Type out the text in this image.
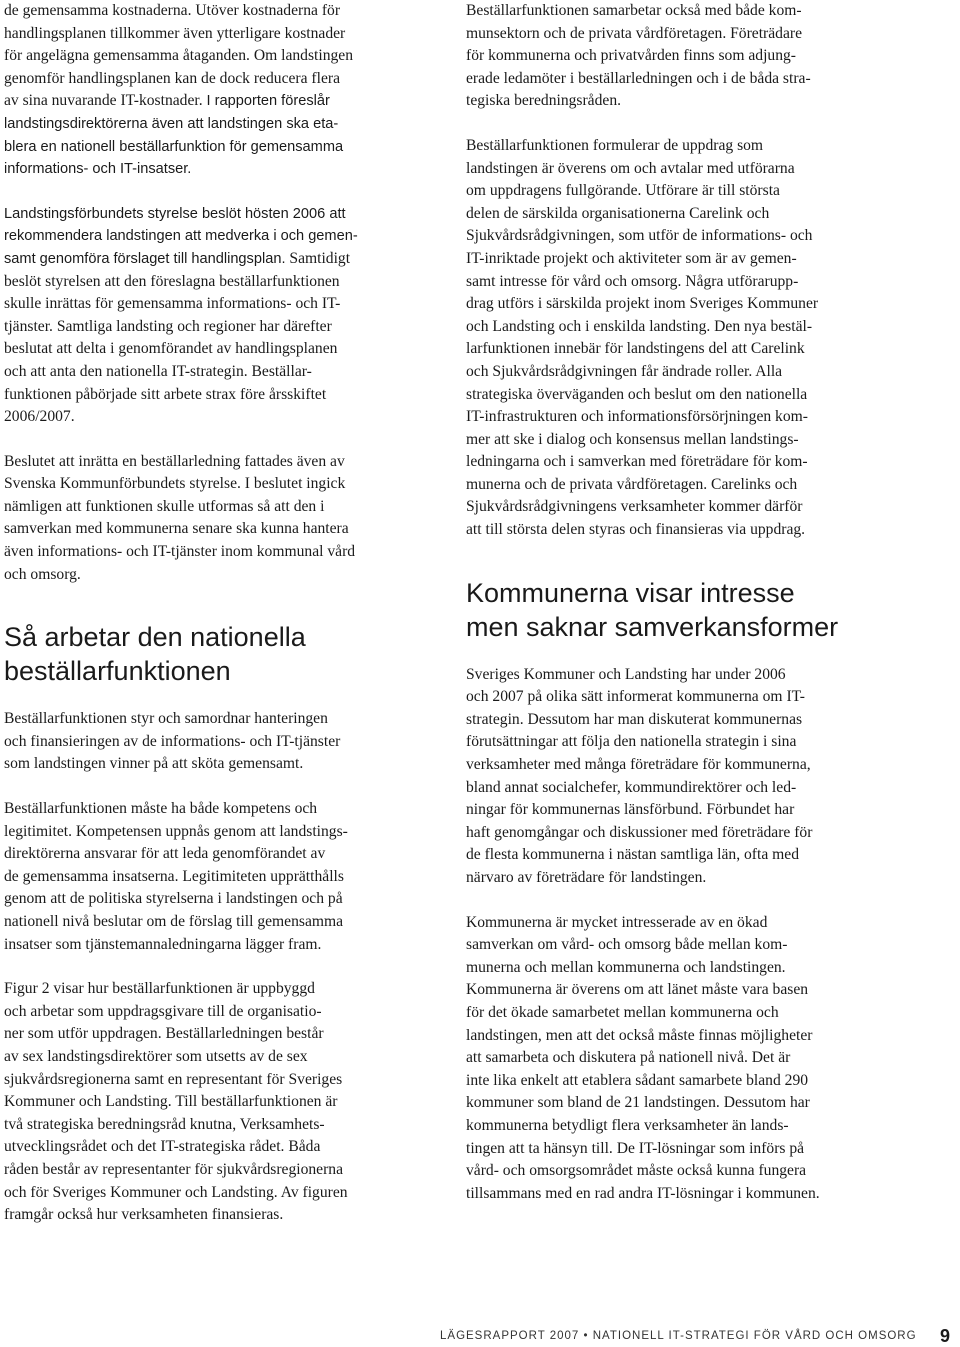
de gemensamma kostnaderna. Utöver kostnaderna för
handlingsplanen tillkommer även ytterligare kostnader
för angelägna gemensamma åtaganden. Om landstingen
genomför handlingsplanen kan de dock reducera flera
av sina nuvarande IT-kostnader. I rapporten föreslår
landstingsdirektörerna även att landstingen ska eta-
blera en nationell beställarfunktion för gemensamma
informations- och IT-insatser.

Landstingsförbundets styrelse beslöt hösten 2006 att
rekommendera landstingen att medverka i och gemen-
samt genomföra förslaget till handlingsplan. Samtidigt
beslöt styrelsen att den föreslagna beställarfunktionen
skulle inrättas för gemensamma informations- och IT-
tjänster. Samtliga landsting och regioner har därefter
beslutat att delta i genomförandet av handlingsplanen
och att anta den nationella IT-strategin. Beställar-
funktionen påbörjade sitt arbete strax före årsskiftet
2006/2007.

Beslutet att inrätta en beställarledning fattades även av
Svenska Kommunförbundets styrelse. I beslutet ingick
nämligen att funktionen skulle utformas så att den i
samverkan med kommunerna senare ska kunna hantera
även informations- och IT-tjänster inom kommunal vård
och omsorg.

Så arbetar den nationella
beställarfunktionen

Beställarfunktionen styr och samordnar hanteringen
och finansieringen av de informations- och IT-tjänster
som landstingen vinner på att sköta gemensamt.

Beställarfunktionen måste ha både kompetens och
legitimitet. Kompetensen uppnås genom att landstings-
direktörerna ansvarar för att leda genomförandet av
de gemensamma insatserna. Legitimiteten upprätthålls
genom att de politiska styrelserna i landstingen och på
nationell nivå beslutar om de förslag till gemensamma
insatser som tjänstemannaledningarna lägger fram.

Figur 2 visar hur beställarfunktionen är uppbyggd
och arbetar som uppdragsgivare till de organisatio-
ner som utför uppdragen. Beställarledningen består
av sex landstingsdirektörer som utsetts av de sex
sjukvårdsregionerna samt en representant för Sveriges
Kommuner och Landsting. Till beställarfunktionen är
två strategiska beredningsråd knutna, Verksamhets-
utvecklingsrådet och det IT-strategiska rådet. Båda
råden består av representanter för sjukvårdsregionerna
och för Sveriges Kommuner och Landsting. Av figuren
framgår också hur verksamheten finansieras.

Beställarfunktionen samarbetar också med både kom-
munsektorn och de privata vårdföretagen. Företrädare
för kommunerna och privatvården finns som adjung-
erade ledamöter i beställarledningen och i de båda stra-
tegiska beredningsråden.

Beställarfunktionen formulerar de uppdrag som
landstingen är överens om och avtalar med utförarna
om uppdragens fullgörande. Utförare är till största
delen de särskilda organisationerna Carelink och
Sjukvårdsrådgivningen, som utför de informations- och
IT-inriktade projekt och aktiviteter som är av gemen-
samt intresse för vård och omsorg. Några utförarupp-
drag utförs i särskilda projekt inom Sveriges Kommuner
och Landsting och i enskilda landsting. Den nya bestäl-
larfunktionen innebär för landstingens del att Carelink
och Sjukvårdsrådgivningen får ändrade roller. Alla
strategiska överväganden och beslut om den nationella
IT-infrastrukturen och informationsförsörjningen kom-
mer att ske i dialog och konsensus mellan landstings-
ledningarna och i samverkan med företrädare för kom-
munerna och de privata vårdföretagen. Carelinks och
Sjukvårdsrådgivningens verksamheter kommer därför
att till största delen styras och finansieras via uppdrag.

Kommunerna visar intresse
men saknar samverkansformer

Sveriges Kommuner och Landsting har under 2006
och 2007 på olika sätt informerat kommunerna om IT-
strategin. Dessutom har man diskuterat kommunernas
förutsättningar att följa den nationella strategin i sina
verksamheter med många företrädare för kommunerna,
bland annat socialchefer, kommundirektörer och led-
ningar för kommunernas länsförbund. Förbundet har
haft genomgångar och diskussioner med företrädare för
de flesta kommunerna i nästan samtliga län, ofta med
närvaro av företrädare för landstingen.

Kommunerna är mycket intresserade av en ökad
samverkan om vård- och omsorg både mellan kom-
munerna och mellan kommunerna och landstingen.
Kommunerna är överens om att länet måste vara basen
för det ökade samarbetet mellan kommunerna och
landstingen, men att det också måste finnas möjligheter
att samarbeta och diskutera på nationell nivå. Det är
inte lika enkelt att etablera sådant samarbete bland 290
kommuner som bland de 21 landstingen. Dessutom har
kommunerna betydligt flera verksamheter än lands-
tingen att ta hänsyn till. De IT-lösningar som införs på
vård- och omsorgsområdet måste också kunna fungera
tillsammans med en rad andra IT-lösningar i kommunen.

LÄGESRAPPORT 2007 • NATIONELL IT-STRATEGI FÖR VÅRD OCH OMSORG 9
